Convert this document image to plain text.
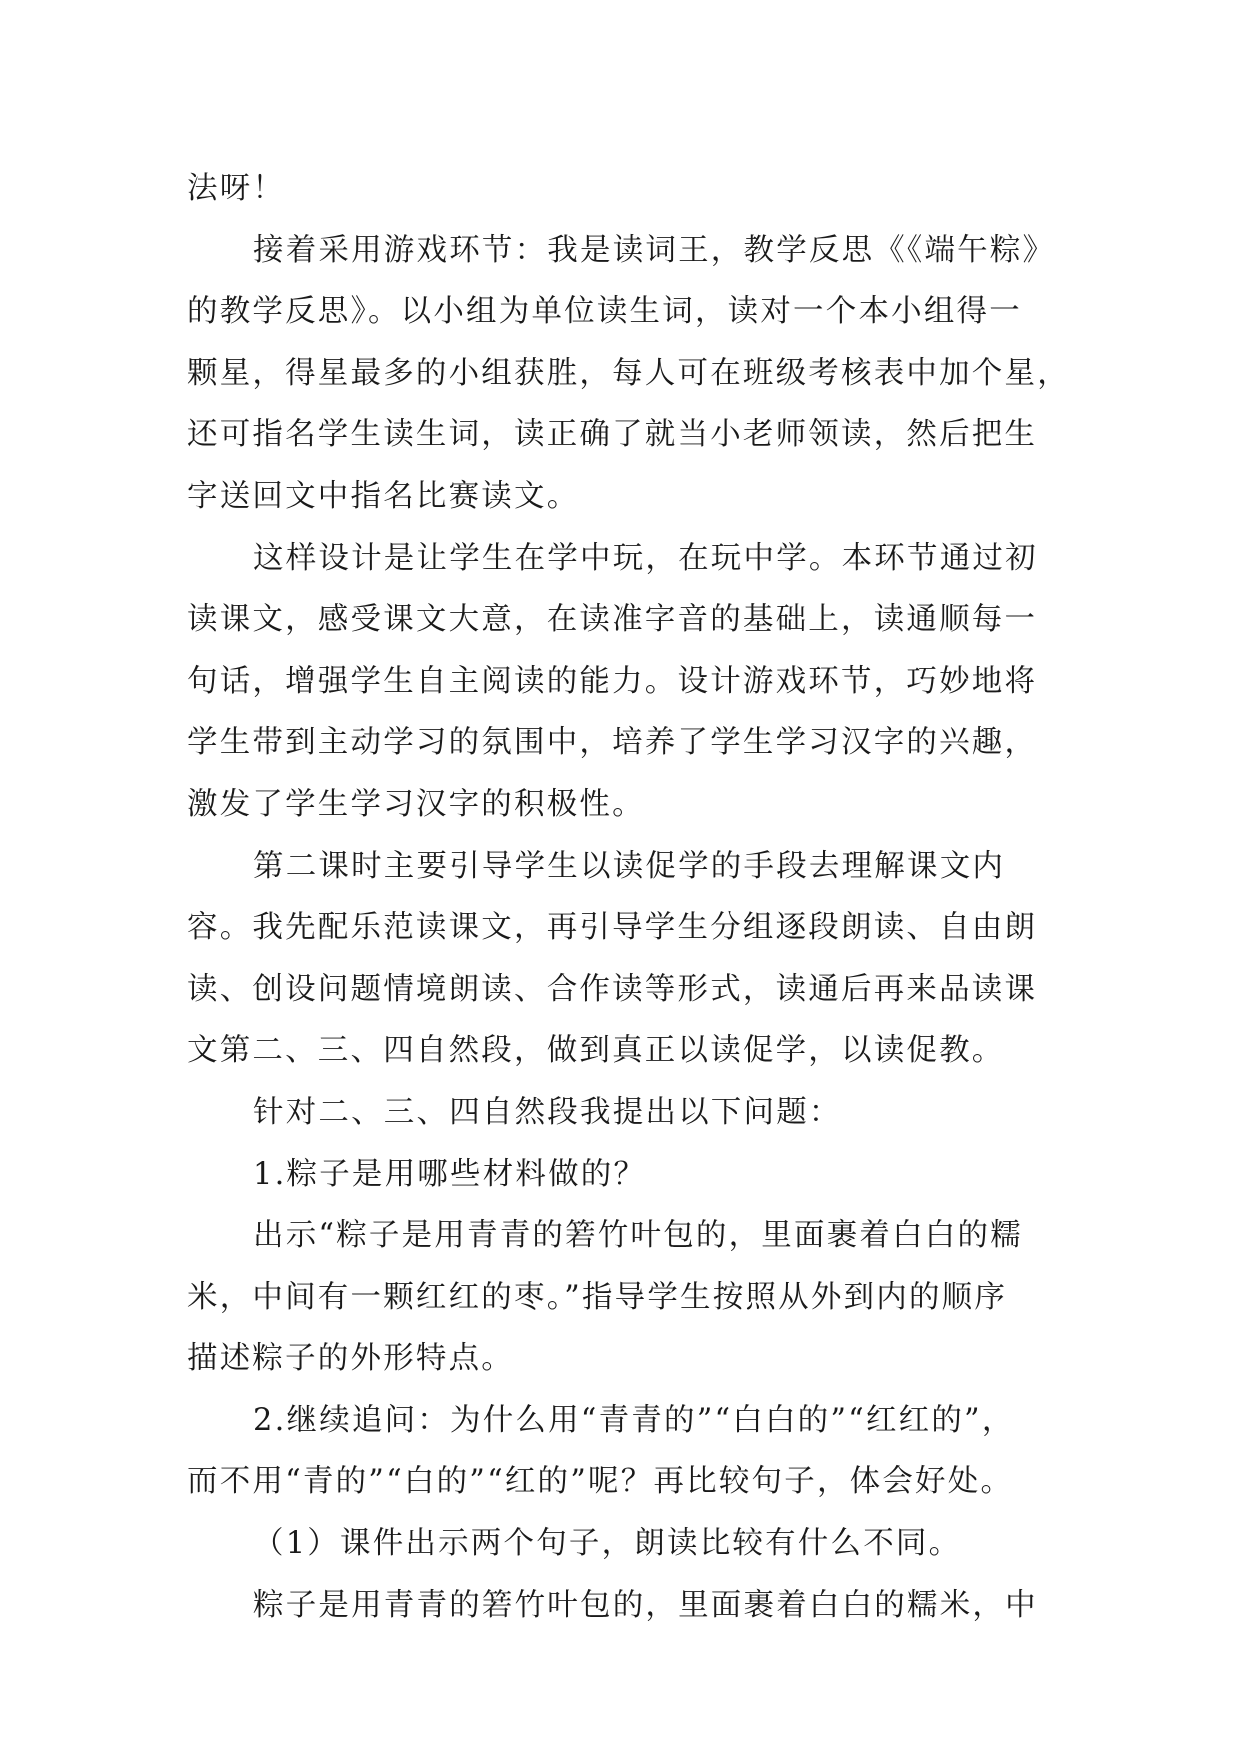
法呀！
接着采用游戏环节：我是读词王，教学反思《《端午粽》
的教学反思》。以小组为单位读生词，读对一个本小组得一
颗星，得星最多的小组获胜，每人可在班级考核表中加个星，
还可指名学生读生词，读正确了就当小老师领读，然后把生
字送回文中指名比赛读文。
这样设计是让学生在学中玩，在玩中学。本环节通过初
读课文，感受课文大意，在读准字音的基础上，读通顺每一
句话，增强学生自主阅读的能力。设计游戏环节，巧妙地将
学生带到主动学习的氛围中，培养了学生学习汉字的兴趣，
激发了学生学习汉字的积极性。
第二课时主要引导学生以读促学的手段去理解课文内
容。我先配乐范读课文，再引导学生分组逐段朗读、自由朗
读、创设问题情境朗读、合作读等形式，读通后再来品读课
文第二、三、四自然段，做到真正以读促学，以读促教。
针对二、三、四自然段我提出以下问题：
1.粽子是用哪些材料做的？
出示“粽子是用青青的箬竹叶包的，里面裹着白白的糯
米，中间有一颗红红的枣。”指导学生按照从外到内的顺序
描述粽子的外形特点。
2.继续追问：为什么用“青青的”“白白的”“红红的”，
而不用“青的”“白的”“红的”呢？再比较句子，体会好处。
（1）课件出示两个句子，朗读比较有什么不同。
粽子是用青青的箬竹叶包的，里面裹着白白的糯米，中
